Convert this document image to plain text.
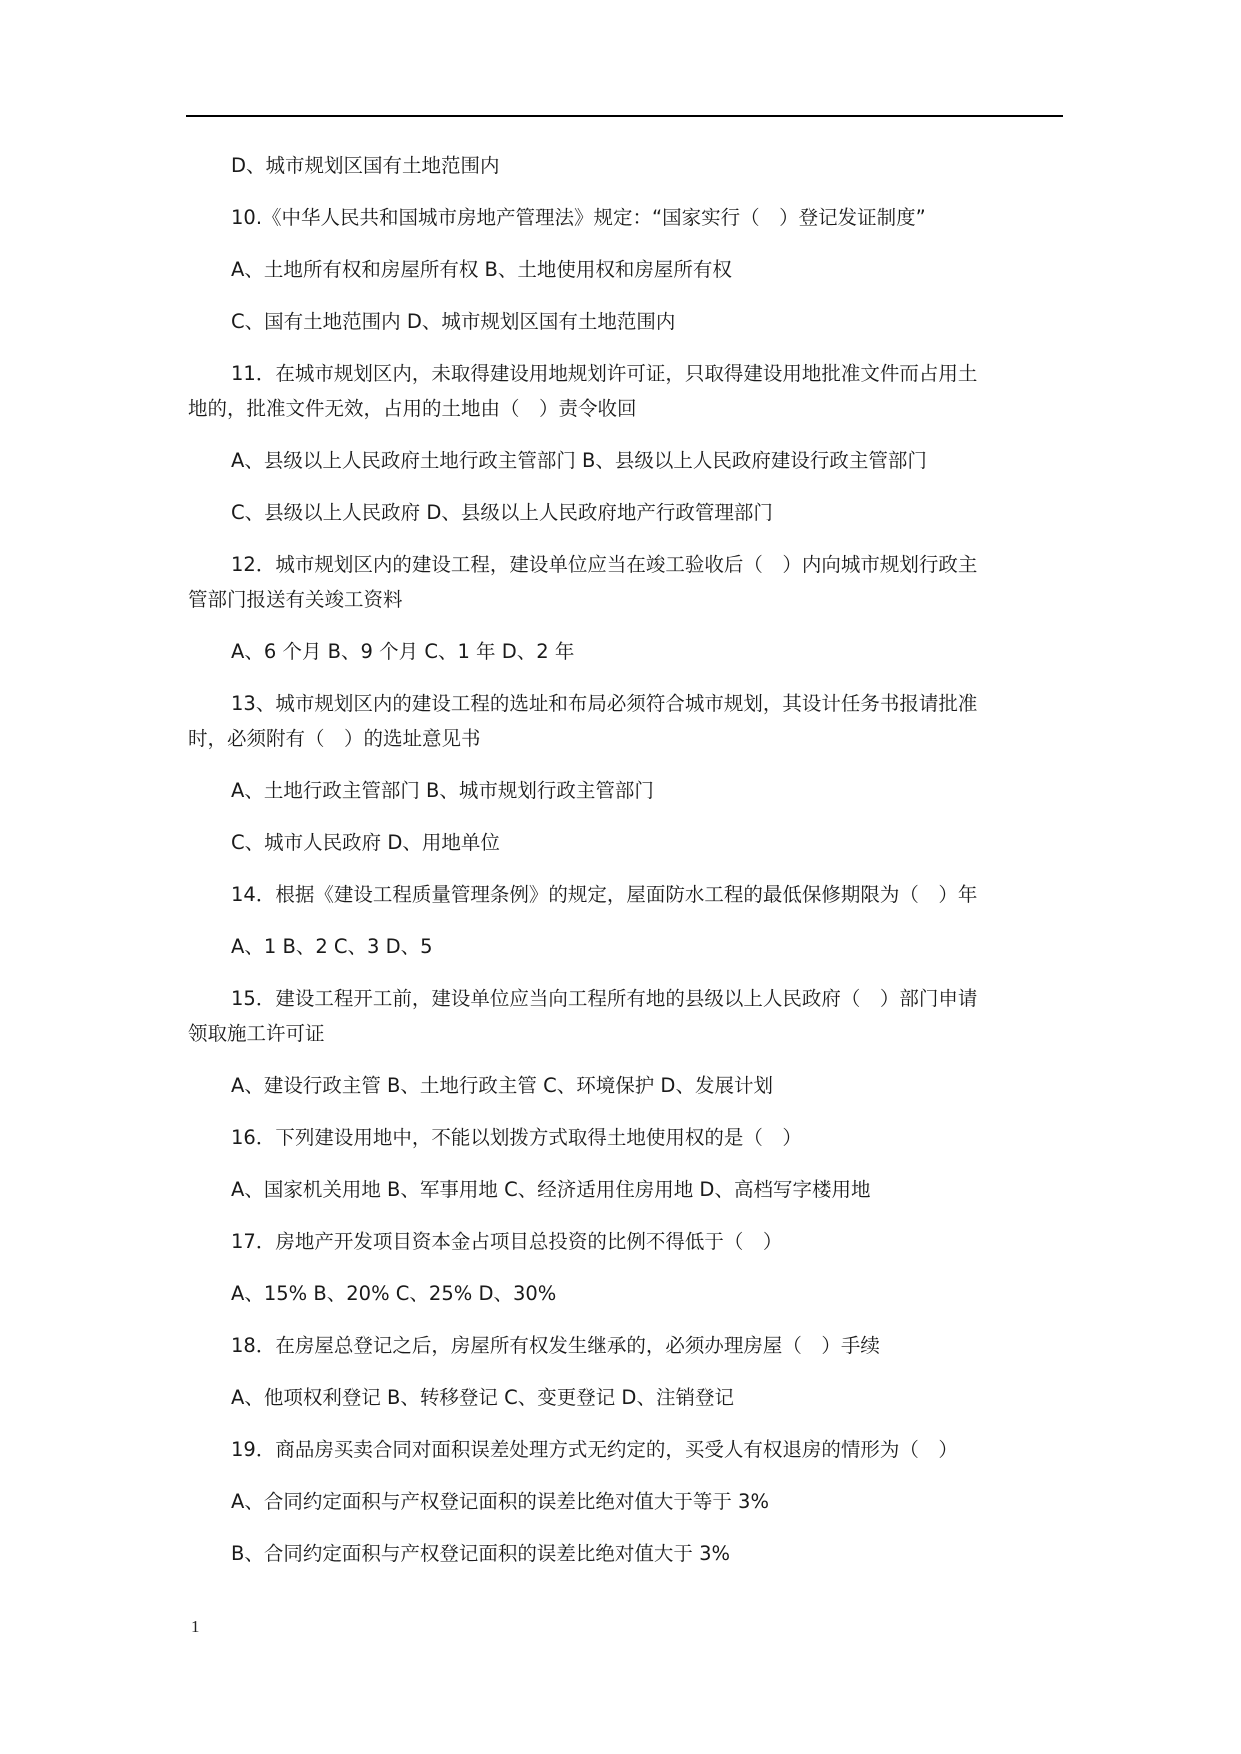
D、城市规划区国有土地范围内
10.《中华人民共和国城市房地产管理法》规定：“国家实行（　）登记发证制度”
A、土地所有权和房屋所有权 B、土地使用权和房屋所有权
C、国有土地范围内 D、城市规划区国有土地范围内
11．在城市规划区内，未取得建设用地规划许可证，只取得建设用地批准文件而占用土
地的，批准文件无效，占用的土地由（　）责令收回
A、县级以上人民政府土地行政主管部门 B、县级以上人民政府建设行政主管部门
C、县级以上人民政府 D、县级以上人民政府地产行政管理部门
12．城市规划区内的建设工程，建设单位应当在竣工验收后（　）内向城市规划行政主
管部门报送有关竣工资料
A、6 个月 B、9 个月 C、1 年 D、2 年
13、城市规划区内的建设工程的选址和布局必须符合城市规划，其设计任务书报请批准
时，必须附有（　）的选址意见书
A、土地行政主管部门 B、城市规划行政主管部门
C、城市人民政府 D、用地单位
14．根据《建设工程质量管理条例》的规定，屋面防水工程的最低保修期限为（　）年
A、1 B、2 C、3 D、5
15．建设工程开工前，建设单位应当向工程所有地的县级以上人民政府（　）部门申请
领取施工许可证
A、建设行政主管 B、土地行政主管 C、环境保护 D、发展计划
16．下列建设用地中，不能以划拨方式取得土地使用权的是（　）
A、国家机关用地 B、军事用地 C、经济适用住房用地 D、高档写字楼用地
17．房地产开发项目资本金占项目总投资的比例不得低于（　）
A、15% B、20% C、25% D、30%
18．在房屋总登记之后，房屋所有权发生继承的，必须办理房屋（　）手续
A、他项权利登记 B、转移登记 C、变更登记 D、注销登记
19．商品房买卖合同对面积误差处理方式无约定的，买受人有权退房的情形为（　）
A、合同约定面积与产权登记面积的误差比绝对值大于等于 3%
B、合同约定面积与产权登记面积的误差比绝对值大于 3%
1
